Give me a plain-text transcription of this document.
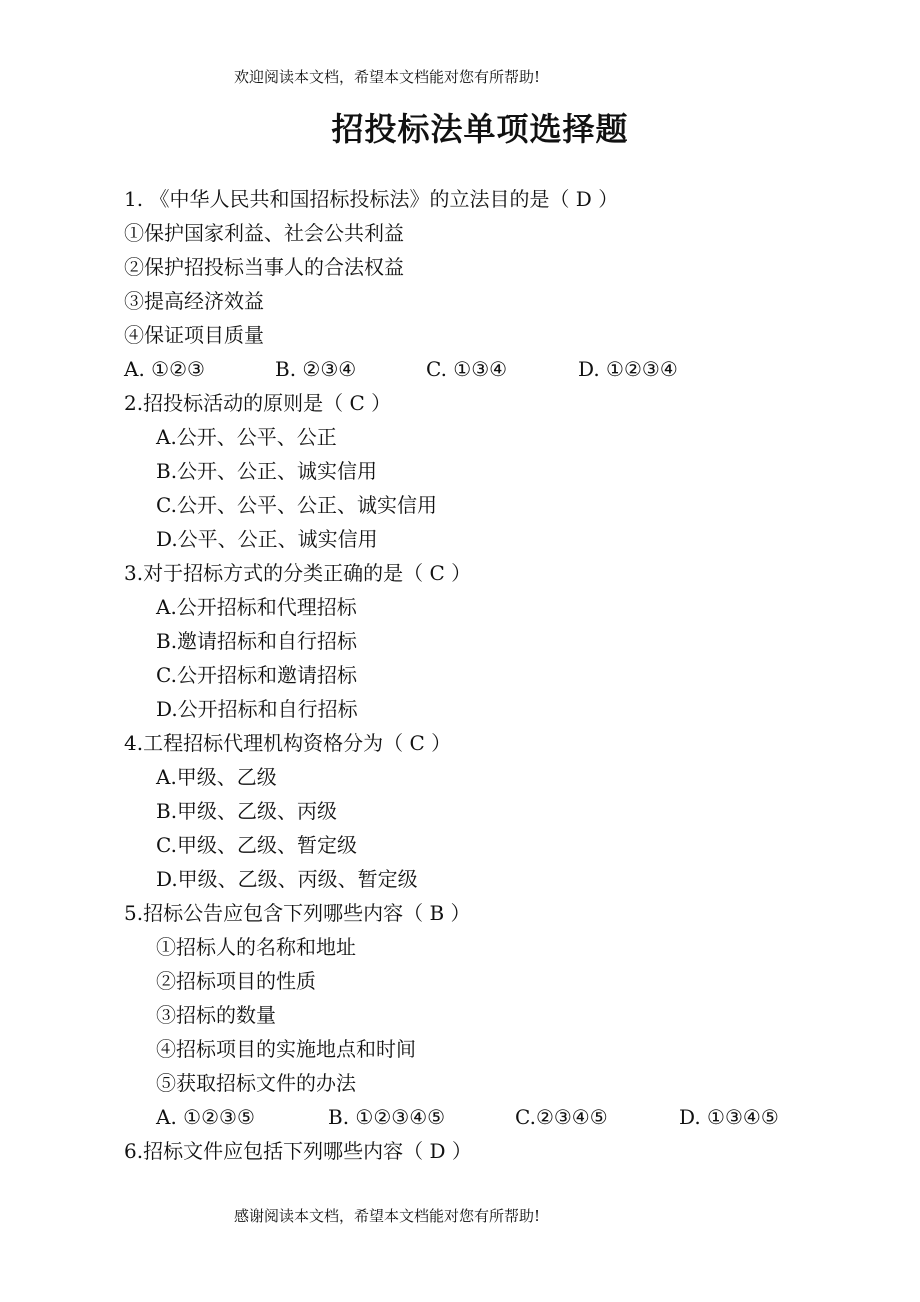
欢迎阅读本文档，希望本文档能对您有所帮助!
招投标法单项选择题
1. 《中华人民共和国招标投标法》的立法目的是（ D ）
①保护国家利益、社会公共利益
②保护招投标当事人的合法权益
③提高经济效益
④保证项目质量
A. ①②③	B. ②③④	C. ①③④	D. ①②③④
2.招投标活动的原则是（ C ）
A.公开、公平、公正
B.公开、公正、诚实信用
C.公开、公平、公正、诚实信用
D.公平、公正、诚实信用
3.对于招标方式的分类正确的是（ C ）
A.公开招标和代理招标
B.邀请招标和自行招标
C.公开招标和邀请招标
D.公开招标和自行招标
4.工程招标代理机构资格分为（ C ）
A.甲级、乙级
B.甲级、乙级、丙级
C.甲级、乙级、暂定级
D.甲级、乙级、丙级、暂定级
5.招标公告应包含下列哪些内容（ B ）
①招标人的名称和地址
②招标项目的性质
③招标的数量
④招标项目的实施地点和时间
⑤获取招标文件的办法
A. ①②③⑤	B. ①②③④⑤	C.②③④⑤	D. ①③④⑤
6.招标文件应包括下列哪些内容（ D ）
感谢阅读本文档，希望本文档能对您有所帮助!
